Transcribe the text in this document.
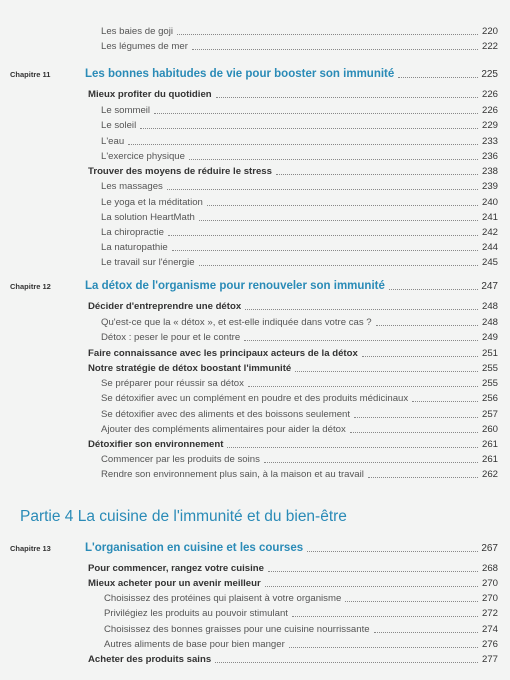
Les baies de goji	220
Les légumes de mer	222
Chapitre 11	Les bonnes habitudes de vie pour booster son immunité	225
Mieux profiter du quotidien	226
Le sommeil	226
Le soleil	229
L'eau	233
L'exercice physique	236
Trouver des moyens de réduire le stress	238
Les massages	239
Le yoga et la méditation	240
La solution HeartMath	241
La chiropractie	242
La naturopathie	244
Le travail sur l'énergie	245
Chapitre 12	La détox de l'organisme pour renouveler son immunité	247
Décider d'entreprendre une détox	248
Qu'est-ce que la « détox », et est-elle indiquée dans votre cas ?	248
Détox : peser le pour et le contre	249
Faire connaissance avec les principaux acteurs de la détox	251
Notre stratégie de détox boostant l'immunité	255
Se préparer pour réussir sa détox	255
Se détoxifier avec un complément en poudre et des produits médicinaux	256
Se détoxifier avec des aliments et des boissons seulement	257
Ajouter des compléments alimentaires pour aider la détox	260
Détoxifier son environnement	261
Commencer par les produits de soins	261
Rendre son environnement plus sain, à la maison et au travail	262
Chapitre 13	L'organisation en cuisine et les courses	267
Pour commencer, rangez votre cuisine	268
Mieux acheter pour un avenir meilleur	270
Choisissez des protéines qui plaisent à votre organisme	270
Privilégiez les produits au pouvoir stimulant	272
Choisissez des bonnes graisses pour une cuisine nourrissante	274
Autres aliments de base pour bien manger	276
Acheter des produits sains	277
Partie 4 La cuisine de l'immunité et du bien-être
